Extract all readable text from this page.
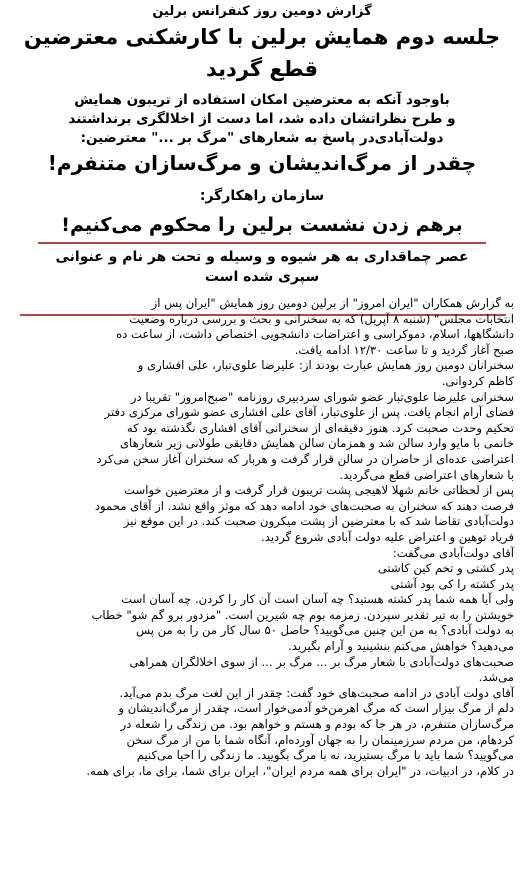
گزارش دومین روز کنفرانس برلین
جلسه دوم همایش برلین با کارشکنی معترضین
قطع گردید
باوجود آنکه به معترضین امکان استفاده از تریبون همایش
و طرح نظراتشان داده شد، اما دست از اخلالگری برنداشتند
دولت‌آبادی‌در پاسخ به شعارهای "مرگ بر ..." معترضین:
چقدر از مرگ‌اندیشان و مرگ‌سازان متنفرم!
سازمان راهکارگر:
برهم زدن نشست برلین را محکوم می‌کنیم!
عصر چماقداری به هر شیوه و وسیله و تحت هر نام و عنوانی
سپری شده است
به گزارش همکاران "ایران امروز" از برلین دومین روز همایش "ایران پس از
انتخابات مجلس" (شنبه ۸ آپریل) که به سخنرانی و بحث و بررسی درباره وضعیت
دانشگاهها، اسلام، دموکراسی و اعتراضات دانشجویی اختصاص داشت، از ساعت ده
صبح آغاز گردید و تا ساعت ۱۲/۳۰ ادامه یافت.
سخنرانان دومین روز همایش عبارت بودند از: علیرضا علوی‌تبار، علی افشاری و
کاظم کردوانی.
سخنرانی علیرضا علوی‌تبار عضو شورای سردبیری روزنامه "صبح‌امروز" تقریبا در
فضای آرام انجام یافت. پس از علوی‌تبار، آقای علی افشاری عضو شورای مرکزی دفتر
تحکیم وحدت صحبت کرد. هنوز دقیقه‌ای از سخنرانی آقای افشاری نگذشته بود که
خانمی با مایو وارد سالن شد و همزمان سالن همایش دقایقی طولانی زیر شعارهای
اعتراضی عده‌ای از حاضران در سالن قرار گرفت و هربار که سخنران آغاز سخن می‌کرد
با شعارهای اعتراضی قطع می‌گردید.
پس از لحظاتی خانم شهلا لاهیجی پشت تریبون قرار گرفت و از معترضین خواست
فرصت دهند که سخنران به صحبت‌های خود ادامه دهد که موثر واقع نشد. از آقای محمود
دولت‌آبادی تقاضا شد که با معترضین از پشت میکرون صحبت کند. در این موقع نیز
فریاد توهین و اعتراض علیه دولت آبادی شروع گردید.
آقای دولت‌آبادی می‌گفت:
پدر کشتی و تخم کین کاشتی
پدر کشته را کی بود آشتی
ولی آیا همه شما پدر کشته هستید؟ چه آسان است آن کار را کردن. چه آسان است
خویشتن را به تیر تقدیر سپردن. زمزمه بوم چه شیرین است. "مزدور برو گم شو" خطاب
به دولت آبادی؟ به من این چنین می‌گویید؟ حاصل ۵۰ سال کار من را به من پس
می‌دهید؟ خواهش می‌کنم بنشینید و آرام بگیرید.
صحبت‌های دولت‌آبادی با شعار مرگ بر ... مرگ بر ... از سوی اخلالگران همراهی
می‌شد.
آقای دولت آبادی در ادامه صحبت‌های خود گفت: چقدر از این لغت مرگ بدم می‌آید.
دلم از مرگ بیزار است که مرگ اهرمن‌خو آدمی‌خوار است، چقدر از مرگ‌اندیشان و
مرگ‌سازان متنفرم، در هر جا که بودم و هستم و خواهم بود. من زندگی را شعله در
کردهام، من مردم سرزمینمان را به جهان آورده‌ام، آنگاه شما با من از مرگ سخن
می‌گویید؟ شما باید با مرگ بستیزید، نه با مرگ بگویید. ما زندگی را احیا می‌کنیم
در کلام، در ادبیات، در "ایران برای همه مردم ایران"، ایران برای شما، برای ما، برای همه.
